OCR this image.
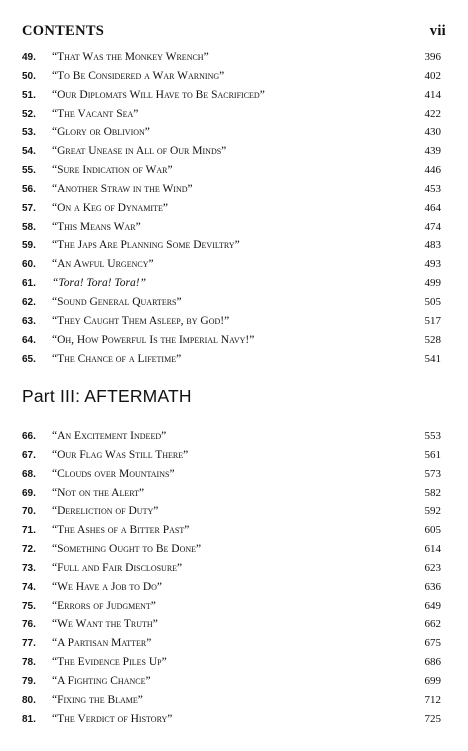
CONTENTS	vii
49.	“That Was the Monkey Wrench”	396
50.	“To Be Considered a War Warning”	402
51.	“Our Diplomats Will Have to Be Sacrificed”	414
52.	“The Vacant Sea”	422
53.	“Glory or Oblivion”	430
54.	“Great Unease in All of Our Minds”	439
55.	“Sure Indication of War”	446
56.	“Another Straw in the Wind”	453
57.	“On a Keg of Dynamite”	464
58.	“This Means War”	474
59.	“The Japs Are Planning Some Deviltry”	483
60.	“An Awful Urgency”	493
61.	“Tora! Tora! Tora!”	499
62.	“Sound General Quarters”	505
63.	“They Caught Them Asleep, by God!”	517
64.	“Oh, How Powerful Is the Imperial Navy!”	528
65.	“The Chance of a Lifetime”	541
Part III: AFTERMATH
66.	“An Excitement Indeed”	553
67.	“Our Flag Was Still There”	561
68.	“Clouds over Mountains”	573
69.	“Not on the Alert”	582
70.	“Dereliction of Duty”	592
71.	“The Ashes of a Bitter Past”	605
72.	“Something Ought to Be Done”	614
73.	“Full and Fair Disclosure”	623
74.	“We Have a Job to Do”	636
75.	“Errors of Judgment”	649
76.	“We Want the Truth”	662
77.	“A Partisan Matter”	675
78.	“The Evidence Piles Up”	686
79.	“A Fighting Chance”	699
80.	“Fixing the Blame”	712
81.	“The Verdict of History”	725
